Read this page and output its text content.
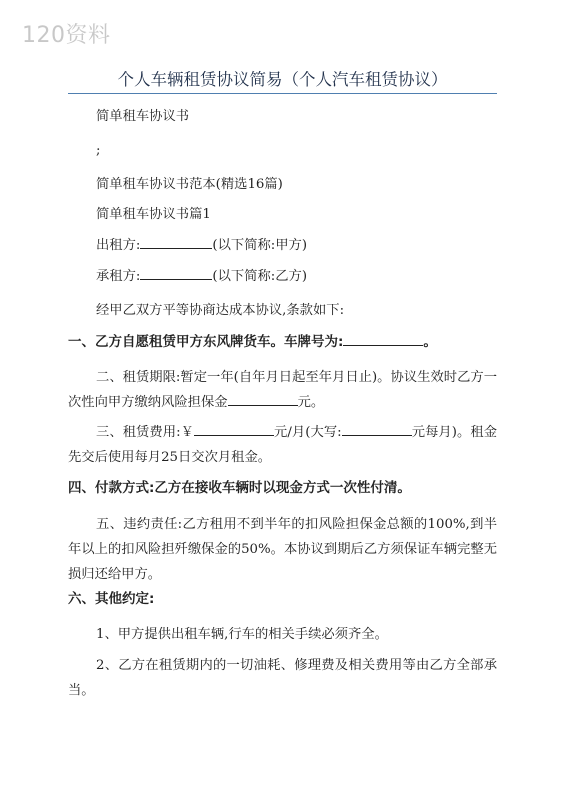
120资料
个人车辆租赁协议简易（个人汽车租赁协议）

简单租车协议书

;

简单租车协议书范本(精选16篇)

简单租车协议书篇1

出租方:	(以下简称:甲方)

承租方:	(以下简称:乙方)

经甲乙双方平等协商达成本协议,条款如下:

一、乙方自愿租赁甲方东风牌货车。车牌号为:	。

二、租赁期限:暂定一年(自年月日起至年月日止)。协议生效时乙方一次性向甲方缴纳风险担保金	元。

三、租赁费用:￥	元/月(大写:	元每月)。租金先交后使用每月25日交次月租金。

四、付款方式:乙方在接收车辆时以现金方式一次性付清。

五、违约责任:乙方租用不到半年的扣风险担保金总额的100%,到半年以上的扣风险担歼缴保金的50%。本协议到期后乙方须保证车辆完整无损归还给甲方。

六、其他约定:

1、甲方提供出租车辆,行车的相关手续必须齐全。

2、乙方在租赁期内的一切油耗、修理费及相关费用等由乙方全部承当。
